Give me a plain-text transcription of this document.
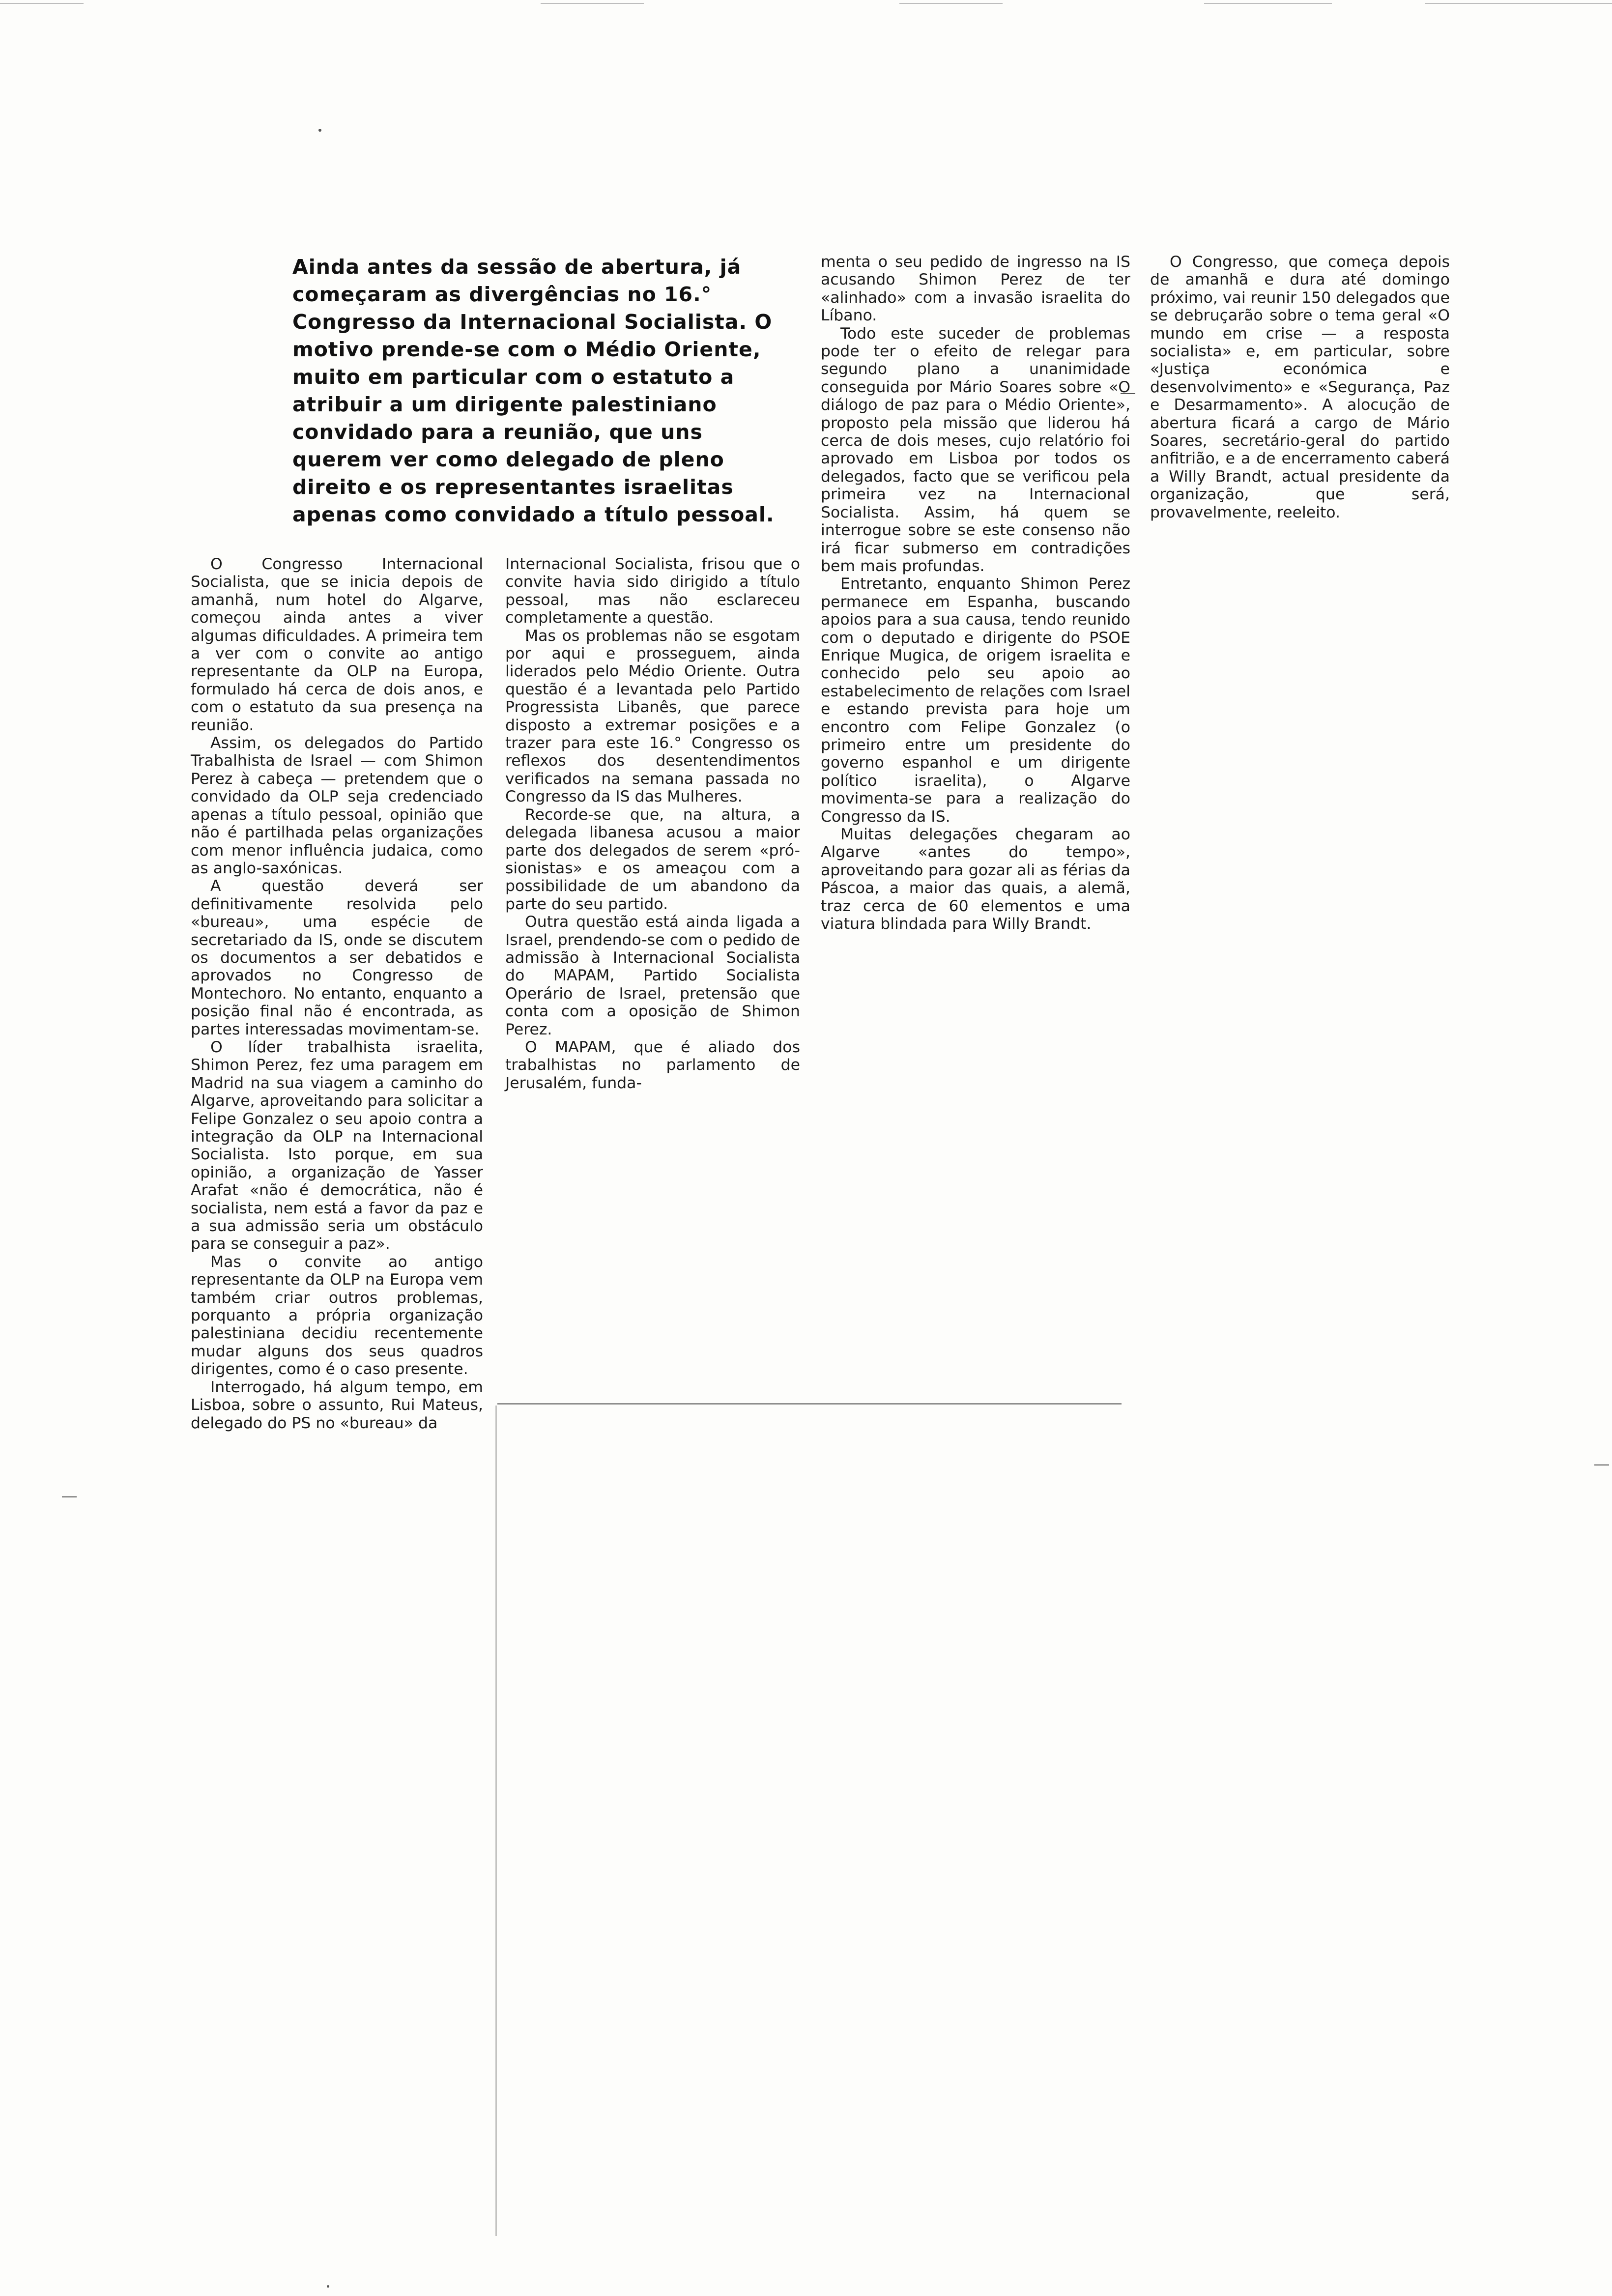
Ainda antes da sessão de abertura, já começaram as divergências no 16.° Congresso da Internacional Socialista. O motivo prende-se com o Médio Oriente, muito em particular com o estatuto a atribuir a um dirigente palestiniano convidado para a reunião, que uns querem ver como delegado de pleno direito e os representantes israelitas apenas como convidado a título pessoal.

O Congresso Internacional Socialista, que se inicia depois de amanhã, num hotel do Algarve, começou ainda antes a viver algumas dificuldades. A primeira tem a ver com o convite ao antigo representante da OLP na Europa, formulado há cerca de dois anos, e com o estatuto da sua presença na reunião.

Assim, os delegados do Partido Trabalhista de Israel — com Shimon Perez à cabeça — pretendem que o convidado da OLP seja credenciado apenas a título pessoal, opinião que não é partilhada pelas organizações com menor influência judaica, como as anglo-saxónicas.

A questão deverá ser definitivamente resolvida pelo «bureau», uma espécie de secretariado da IS, onde se discutem os documentos a ser debatidos e aprovados no Congresso de Montechoro. No entanto, enquanto a posição final não é encontrada, as partes interessadas movimentam-se.

O líder trabalhista israelita, Shimon Perez, fez uma paragem em Madrid na sua viagem a caminho do Algarve, aproveitando para solicitar a Felipe Gonzalez o seu apoio contra a integração da OLP na Internacional Socialista. Isto porque, em sua opinião, a organização de Yasser Arafat «não é democrática, não é socialista, nem está a favor da paz e a sua admissão seria um obstáculo para se conseguir a paz».

Mas o convite ao antigo representante da OLP na Europa vem também criar outros problemas, porquanto a própria organização palestiniana decidiu recentemente mudar alguns dos seus quadros dirigentes, como é o caso presente.

Interrogado, há algum tempo, em Lisboa, sobre o assunto, Rui Mateus, delegado do PS no «bureau» da

Internacional Socialista, frisou que o convite havia sido dirigido a título pessoal, mas não esclareceu completamente a questão.

Mas os problemas não se esgotam por aqui e prosseguem, ainda liderados pelo Médio Oriente. Outra questão é a levantada pelo Partido Progressista Libanês, que parece disposto a extremar posições e a trazer para este 16.° Congresso os reflexos dos desentendimentos verificados na semana passada no Congresso da IS das Mulheres.

Recorde-se que, na altura, a delegada libanesa acusou a maior parte dos delegados de serem «pró-sionistas» e os ameaçou com a possibilidade de um abandono da parte do seu partido.

Outra questão está ainda ligada a Israel, prendendo-se com o pedido de admissão à Internacional Socialista do MAPAM, Partido Socialista Operário de Israel, pretensão que conta com a oposição de Shimon Perez.

O MAPAM, que é aliado dos trabalhistas no parlamento de Jerusalém, funda-

menta o seu pedido de ingresso na IS acusando Shimon Perez de ter «alinhado» com a invasão israelita do Líbano.

Todo este suceder de problemas pode ter o efeito de relegar para segundo plano a unanimidade conseguida por Mário Soares sobre «O diálogo de paz para o Médio Oriente», proposto pela missão que liderou há cerca de dois meses, cujo relatório foi aprovado em Lisboa por todos os delegados, facto que se verificou pela primeira vez na Internacional Socialista. Assim, há quem se interrogue sobre se este consenso não irá ficar submerso em contradições bem mais profundas.

Entretanto, enquanto Shimon Perez permanece em Espanha, buscando apoios para a sua causa, tendo reunido com o deputado e dirigente do PSOE Enrique Mugica, de origem israelita e conhecido pelo seu apoio ao estabelecimento de relações com Israel e estando prevista para hoje um encontro com Felipe Gonzalez (o primeiro entre um presidente do governo espanhol e um dirigente político israelita), o Algarve movimenta-se para a realização do Congresso da IS.

Muitas delegações chegaram ao Algarve «antes do tempo», aproveitando para gozar ali as férias da Páscoa, a maior das quais, a alemã, traz cerca de 60 elementos e uma viatura blindada para Willy Brandt.

O Congresso, que começa depois de amanhã e dura até domingo próximo, vai reunir 150 delegados que se debruçarão sobre o tema geral «O mundo em crise — a resposta socialista» e, em particular, sobre «Justiça económica e desenvolvimento» e «Segurança, Paz e Desarmamento». A alocução de abertura ficará a cargo de Mário Soares, secretário-geral do partido anfitrião, e a de encerramento caberá a Willy Brandt, actual presidente da organização, que será, provavelmente, reeleito.
